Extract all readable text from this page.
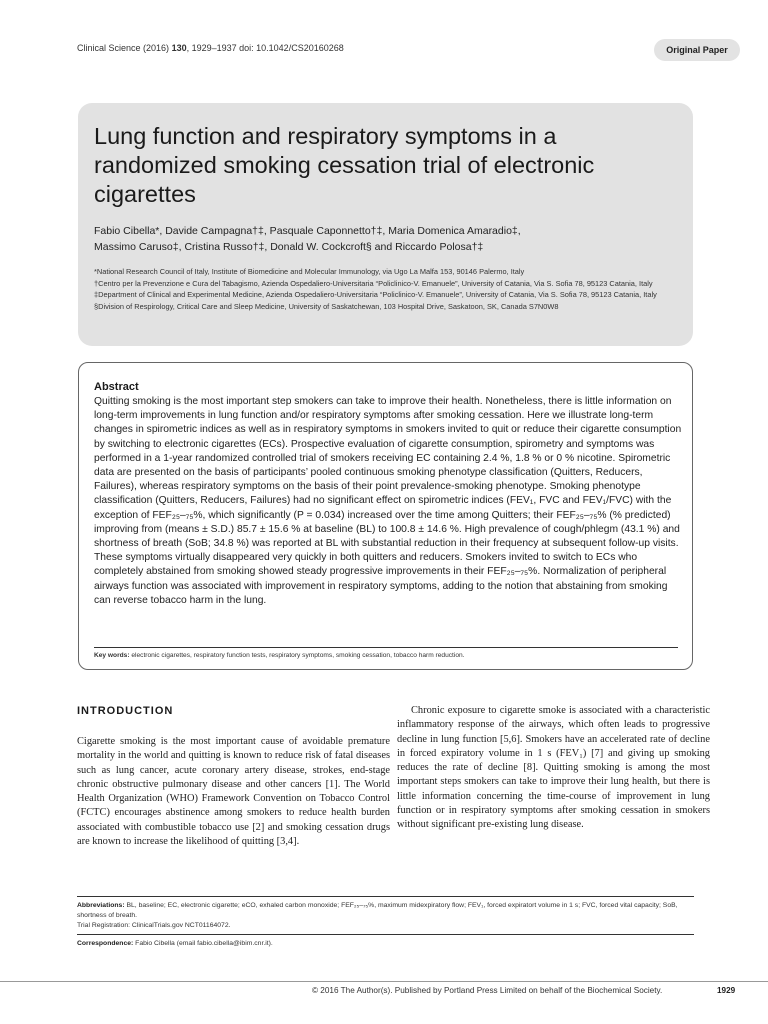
Clinical Science (2016) 130, 1929–1937 doi: 10.1042/CS20160268	Original Paper
Lung function and respiratory symptoms in a randomized smoking cessation trial of electronic cigarettes
Fabio Cibella*, Davide Campagna†‡, Pasquale Caponnetto†‡, Maria Domenica Amaradio‡,
Massimo Caruso‡, Cristina Russo†‡, Donald W. Cockcroft§ and Riccardo Polosa†‡
*National Research Council of Italy, Institute of Biomedicine and Molecular Immunology, via Ugo La Malfa 153, 90146 Palermo, Italy
†Centro per la Prevenzione e Cura del Tabagismo, Azienda Ospedaliero-Universitaria “Policlinico-V. Emanuele”, University of Catania, Via S. Sofia 78, 95123 Catania, Italy
‡Department of Clinical and Experimental Medicine, Azienda Ospedaliero-Universitaria “Policlinico-V. Emanuele”, University of Catania, Via S. Sofia 78, 95123 Catania, Italy
§Division of Respirology, Critical Care and Sleep Medicine, University of Saskatchewan, 103 Hospital Drive, Saskatoon, SK, Canada S7N0W8
Abstract

Quitting smoking is the most important step smokers can take to improve their health. Nonetheless, there is little information on long-term improvements in lung function and/or respiratory symptoms after smoking cessation. Here we illustrate long-term changes in spirometric indices as well as in respiratory symptoms in smokers invited to quit or reduce their cigarette consumption by switching to electronic cigarettes (ECs). Prospective evaluation of cigarette consumption, spirometry and symptoms was performed in a 1-year randomized controlled trial of smokers receiving EC containing 2.4 %, 1.8 % or 0 % nicotine. Spirometric data are presented on the basis of participants’ pooled continuous smoking phenotype classification (Quitters, Reducers, Failures), whereas respiratory symptoms on the basis of their point prevalence-smoking phenotype. Smoking phenotype classification (Quitters, Reducers, Failures) had no significant effect on spirometric indices (FEV₁, FVC and FEV₁/FVC) with the exception of FEF₂₅–₇₅%, which significantly (P = 0.034) increased over the time among Quitters; their FEF₂₅–₇₅% (% predicted) improving from (means ± S.D.) 85.7 ± 15.6 % at baseline (BL) to 100.8 ± 14.6 %. High prevalence of cough/phlegm (43.1 %) and shortness of breath (SoB; 34.8 %) was reported at BL with substantial reduction in their frequency at subsequent follow-up visits. These symptoms virtually disappeared very quickly in both quitters and reducers. Smokers invited to switch to ECs who completely abstained from smoking showed steady progressive improvements in their FEF₂₅–₇₅%. Normalization of peripheral airways function was associated with improvement in respiratory symptoms, adding to the notion that abstaining from smoking can reverse tobacco harm in the lung.

Key words: electronic cigarettes, respiratory function tests, respiratory symptoms, smoking cessation, tobacco harm reduction.
INTRODUCTION

Cigarette smoking is the most important cause of avoidable premature mortality in the world and quitting is known to reduce risk of fatal diseases such as lung cancer, acute coronary artery disease, strokes, end-stage chronic obstructive pulmonary disease and other cancers [1]. The World Health Organization (WHO) Framework Convention on Tobacco Control (FCTC) encourages abstinence among smokers to reduce health burden associated with combustible tobacco use [2] and smoking cessation drugs are known to increase the likelihood of quitting [3,4].

Chronic exposure to cigarette smoke is associated with a characteristic inflammatory response of the airways, which often leads to progressive decline in lung function [5,6]. Smokers have an accelerated rate of decline in forced expiratory volume in 1 s (FEV₁) [7] and giving up smoking reduces the rate of decline [8]. Quitting smoking is among the most important steps smokers can take to improve their lung health, but there is little information concerning the time-course of improvement in lung function or in respiratory symptoms after smoking cessation in smokers without significant pre-existing lung disease.

Abbreviations: BL, baseline; EC, electronic cigarette; eCO, exhaled carbon monoxide; FEF₂₅–₇₅%, maximum midexpiratory flow; FEV₁, forced expiratort volume in 1 s; FVC, forced vital capacity; SoB, shortness of breath.
Trial Registration: ClinicalTrials.gov NCT01164072.
Correspondence: Fabio Cibella (email fabio.cibella@ibim.cnr.it).
© 2016 The Author(s). Published by Portland Press Limited on behalf of the Biochemical Society.	1929
